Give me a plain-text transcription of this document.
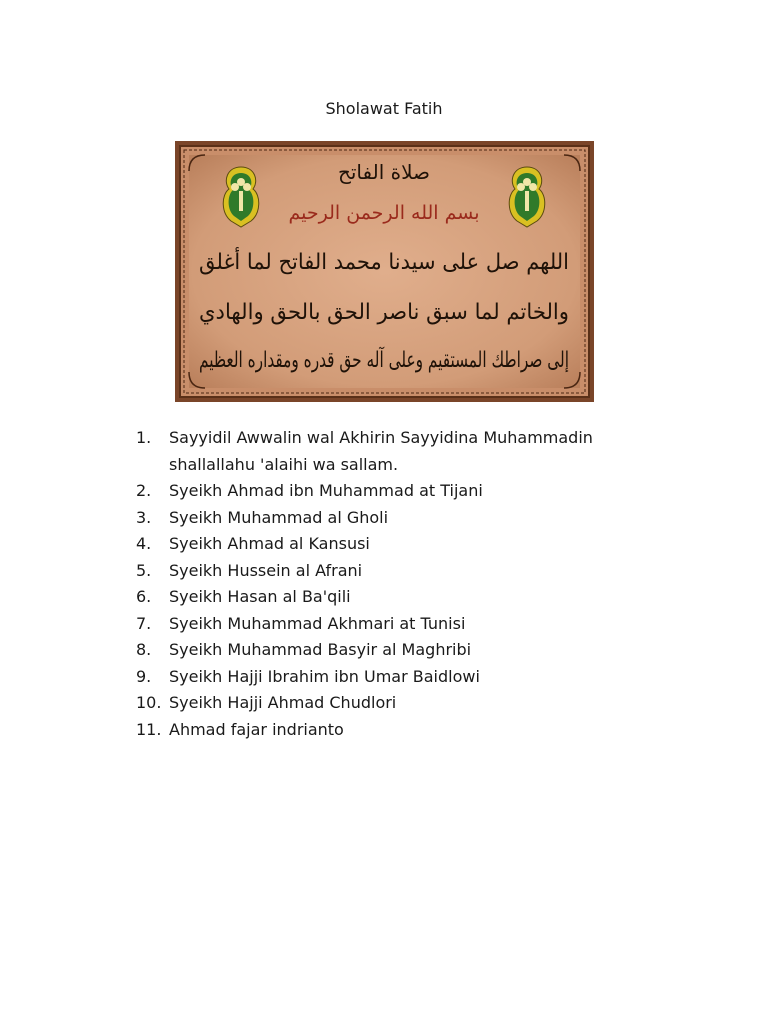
Sholawat Fatih
صلاة الفاتح
بسم الله الرحمن الرحيم
اللهم صل على سيدنا محمد الفاتح لما أغلق
والخاتم لما سبق ناصر الحق بالحق والهادي
إلى صراطك المستقيم وعلى آله حق قدره ومقداره العظيم
1.	Sayyidil Awwalin wal Akhirin Sayyidina Muhammadin shallallahu 'alaihi wa sallam.
2.	Syeikh Ahmad ibn Muhammad at Tijani
3.	Syeikh Muhammad al Gholi
4.	Syeikh Ahmad al Kansusi
5.	Syeikh Hussein al Afrani
6.	Syeikh Hasan al Ba'qili
7.	Syeikh Muhammad Akhmari at Tunisi
8.	Syeikh Muhammad Basyir al Maghribi
9.	Syeikh Hajji Ibrahim ibn Umar Baidlowi
10. Syeikh Hajji Ahmad Chudlori
11. Ahmad fajar indrianto
